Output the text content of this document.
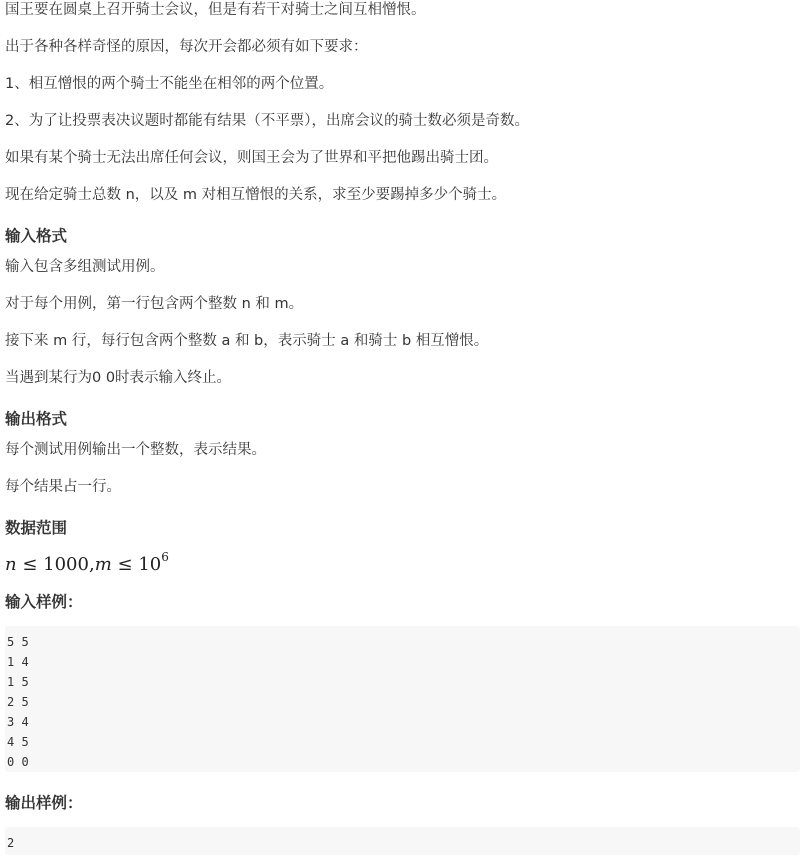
国王要在圆桌上召开骑士会议，但是有若干对骑士之间互相憎恨。

出于各种各样奇怪的原因，每次开会都必须有如下要求：

1、相互憎恨的两个骑士不能坐在相邻的两个位置。

2、为了让投票表决议题时都能有结果（不平票），出席会议的骑士数必须是奇数。

如果有某个骑士无法出席任何会议，则国王会为了世界和平把他踢出骑士团。

现在给定骑士总数 n，以及 m 对相互憎恨的关系，求至少要踢掉多少个骑士。

输入格式

输入包含多组测试用例。

对于每个用例，第一行包含两个整数 n 和 m。

接下来 m 行，每行包含两个整数 a 和 b，表示骑士 a 和骑士 b 相互憎恨。

当遇到某行为0 0时表示输入终止。

输出格式

每个测试用例输出一个整数，表示结果。

每个结果占一行。

数据范围

$n \le 1000,m \le 10^6$

输入样例：

5 5
1 4
1 5
2 5
3 4
4 5
0 0

输出样例：

2
